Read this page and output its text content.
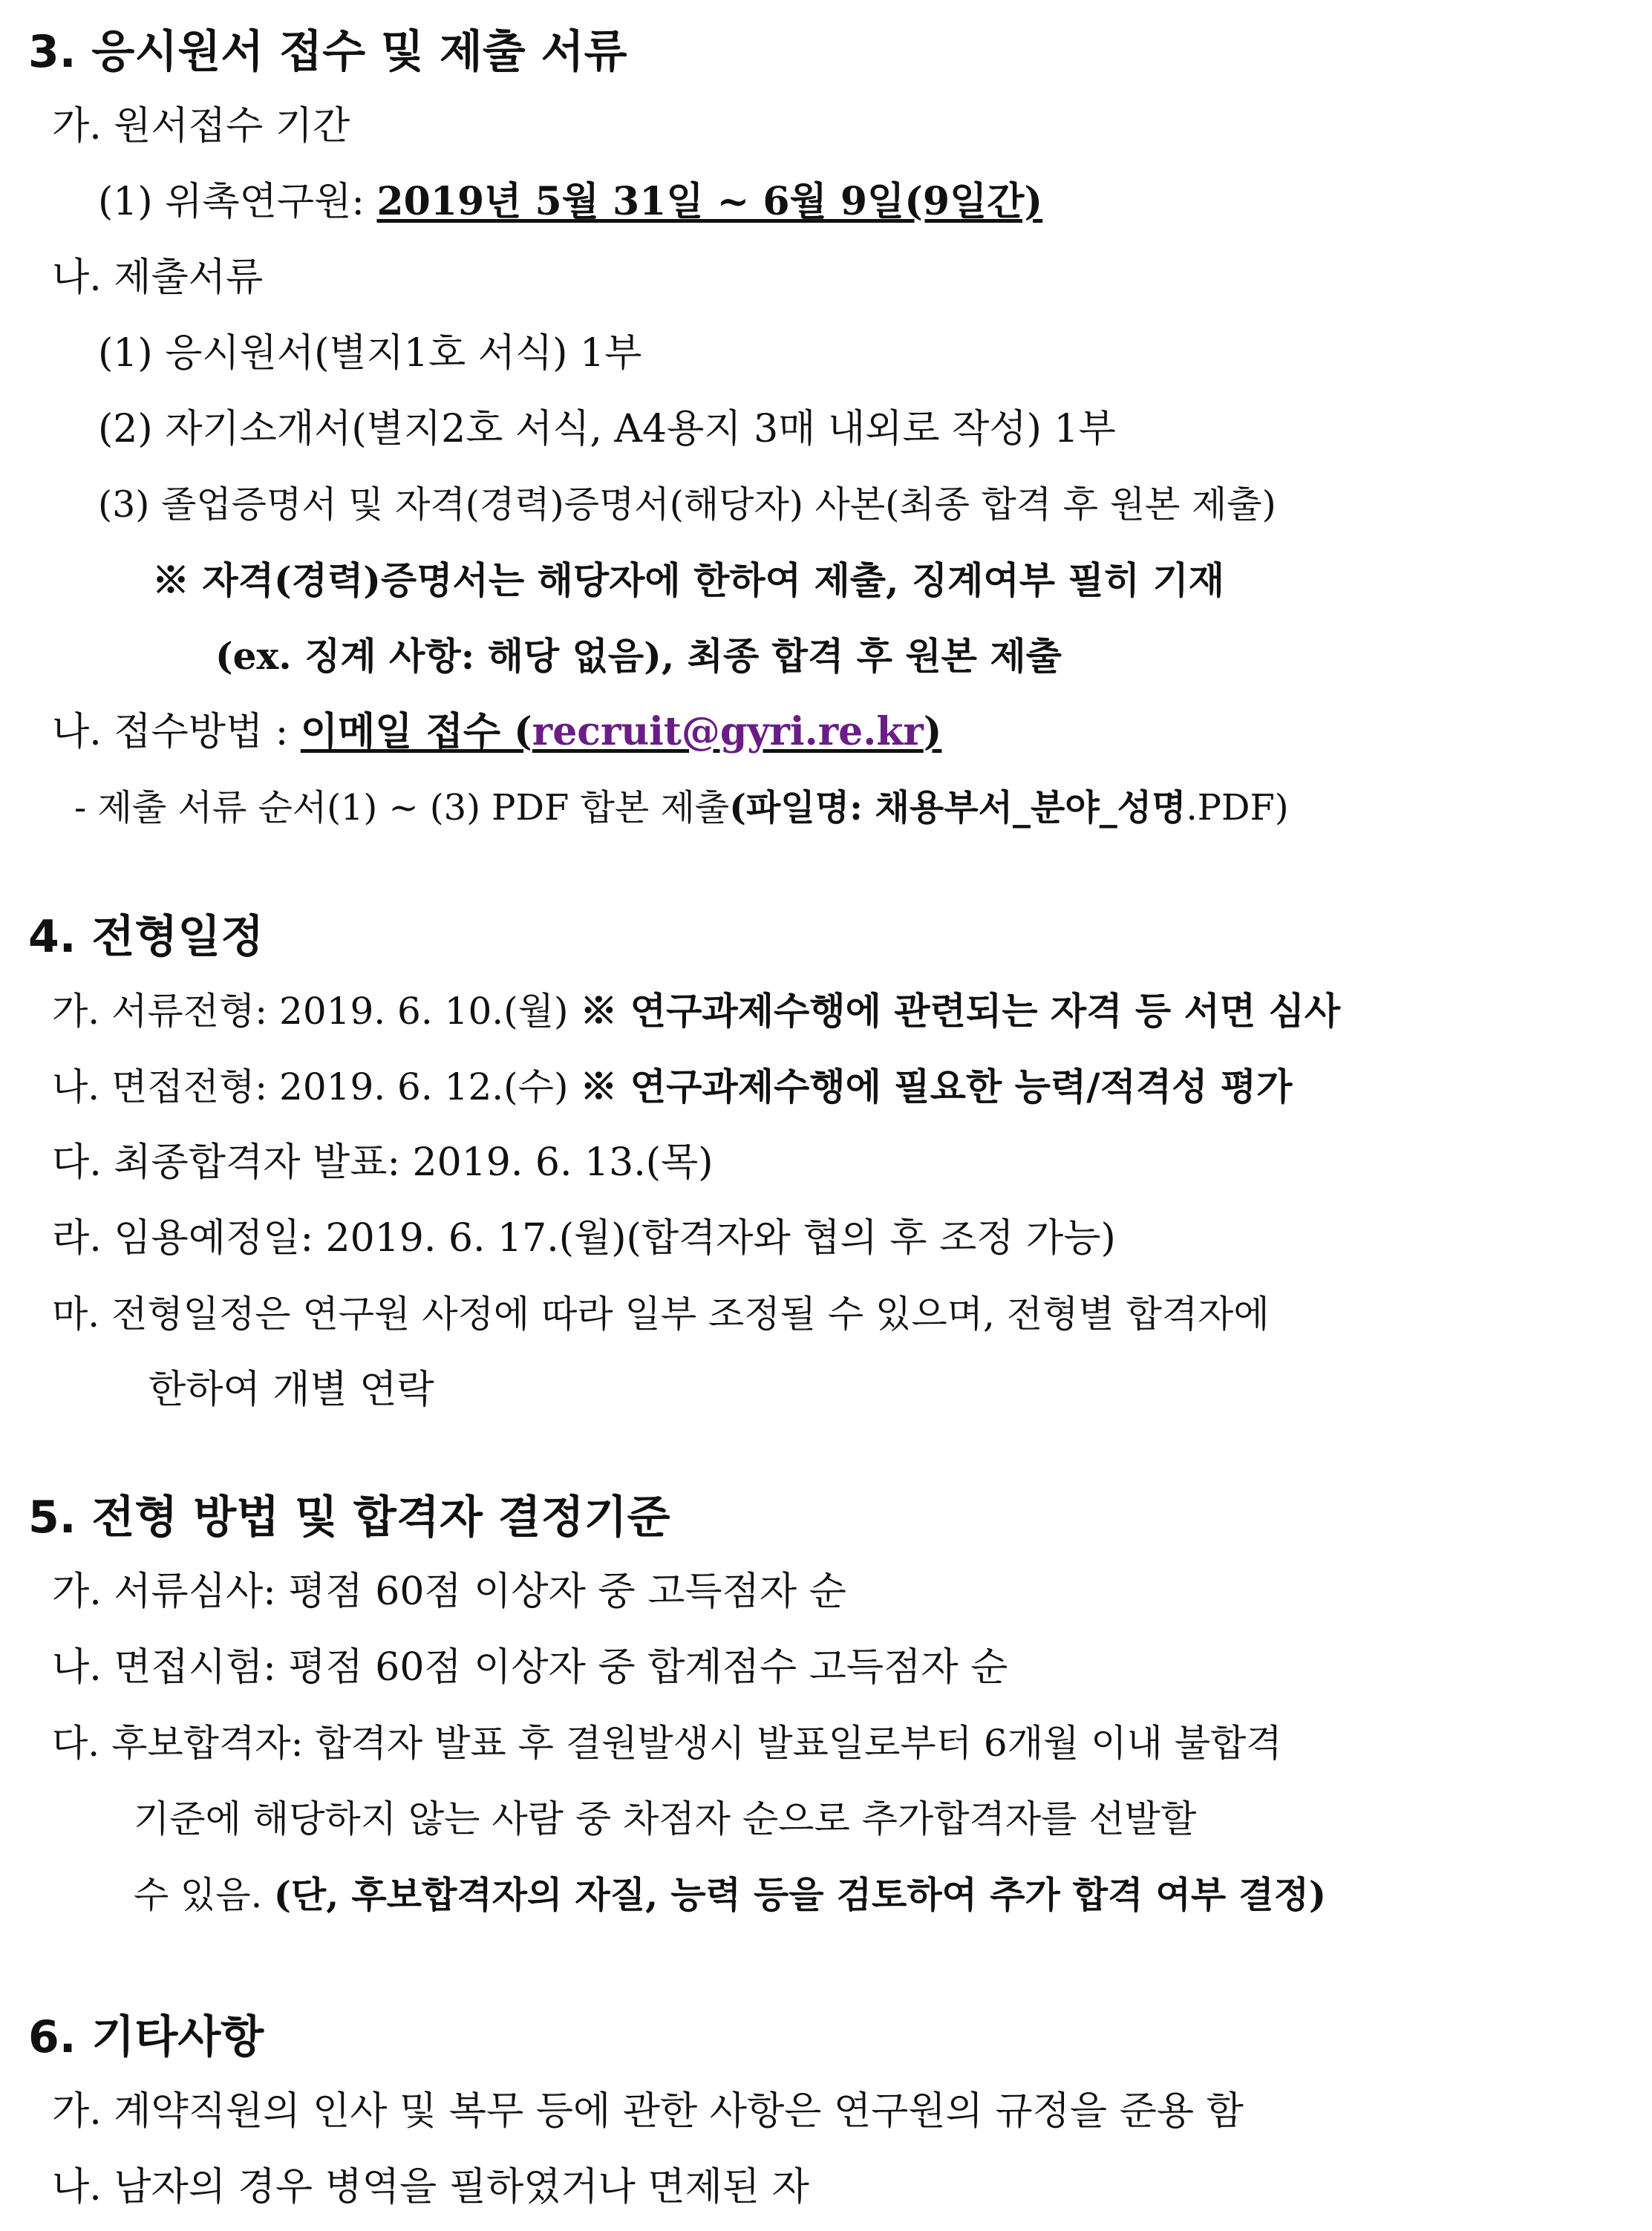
3. 응시원서 접수 및 제출 서류
가. 원서접수 기간
(1) 위촉연구원: 2019년 5월 31일 ~ 6월 9일(9일간)
나. 제출서류
(1) 응시원서(별지1호 서식) 1부
(2) 자기소개서(별지2호 서식, A4용지 3매 내외로 작성) 1부
(3) 졸업증명서 및 자격(경력)증명서(해당자) 사본(최종 합격 후 원본 제출)
※ 자격(경력)증명서는 해당자에 한하여 제출, 징계여부 필히 기재
(ex. 징계 사항: 해당 없음), 최종 합격 후 원본 제출
나. 접수방법 : 이메일 접수 (recruit@gyri.re.kr)
- 제출 서류 순서(1) ~ (3) PDF 합본 제출(파일명: 채용부서_분야_성명.PDF)
4. 전형일정
가. 서류전형: 2019. 6. 10.(월) ※ 연구과제수행에 관련되는 자격 등 서면 심사
나. 면접전형: 2019. 6. 12.(수) ※ 연구과제수행에 필요한 능력/적격성 평가
다. 최종합격자 발표: 2019. 6. 13.(목)
라. 임용예정일: 2019. 6. 17.(월)(합격자와 협의 후 조정 가능)
마. 전형일정은 연구원 사정에 따라 일부 조정될 수 있으며, 전형별 합격자에
한하여 개별 연락
5. 전형 방법 및 합격자 결정기준
가. 서류심사: 평점 60점 이상자 중 고득점자 순
나. 면접시험: 평점 60점 이상자 중 합계점수 고득점자 순
다. 후보합격자: 합격자 발표 후 결원발생시 발표일로부터 6개월 이내 불합격
기준에 해당하지 않는 사람 중 차점자 순으로 추가합격자를 선발할
수 있음. (단, 후보합격자의 자질, 능력 등을 검토하여 추가 합격 여부 결정)
6. 기타사항
가. 계약직원의 인사 및 복무 등에 관한 사항은 연구원의 규정을 준용 함
나. 남자의 경우 병역을 필하였거나 면제된 자
